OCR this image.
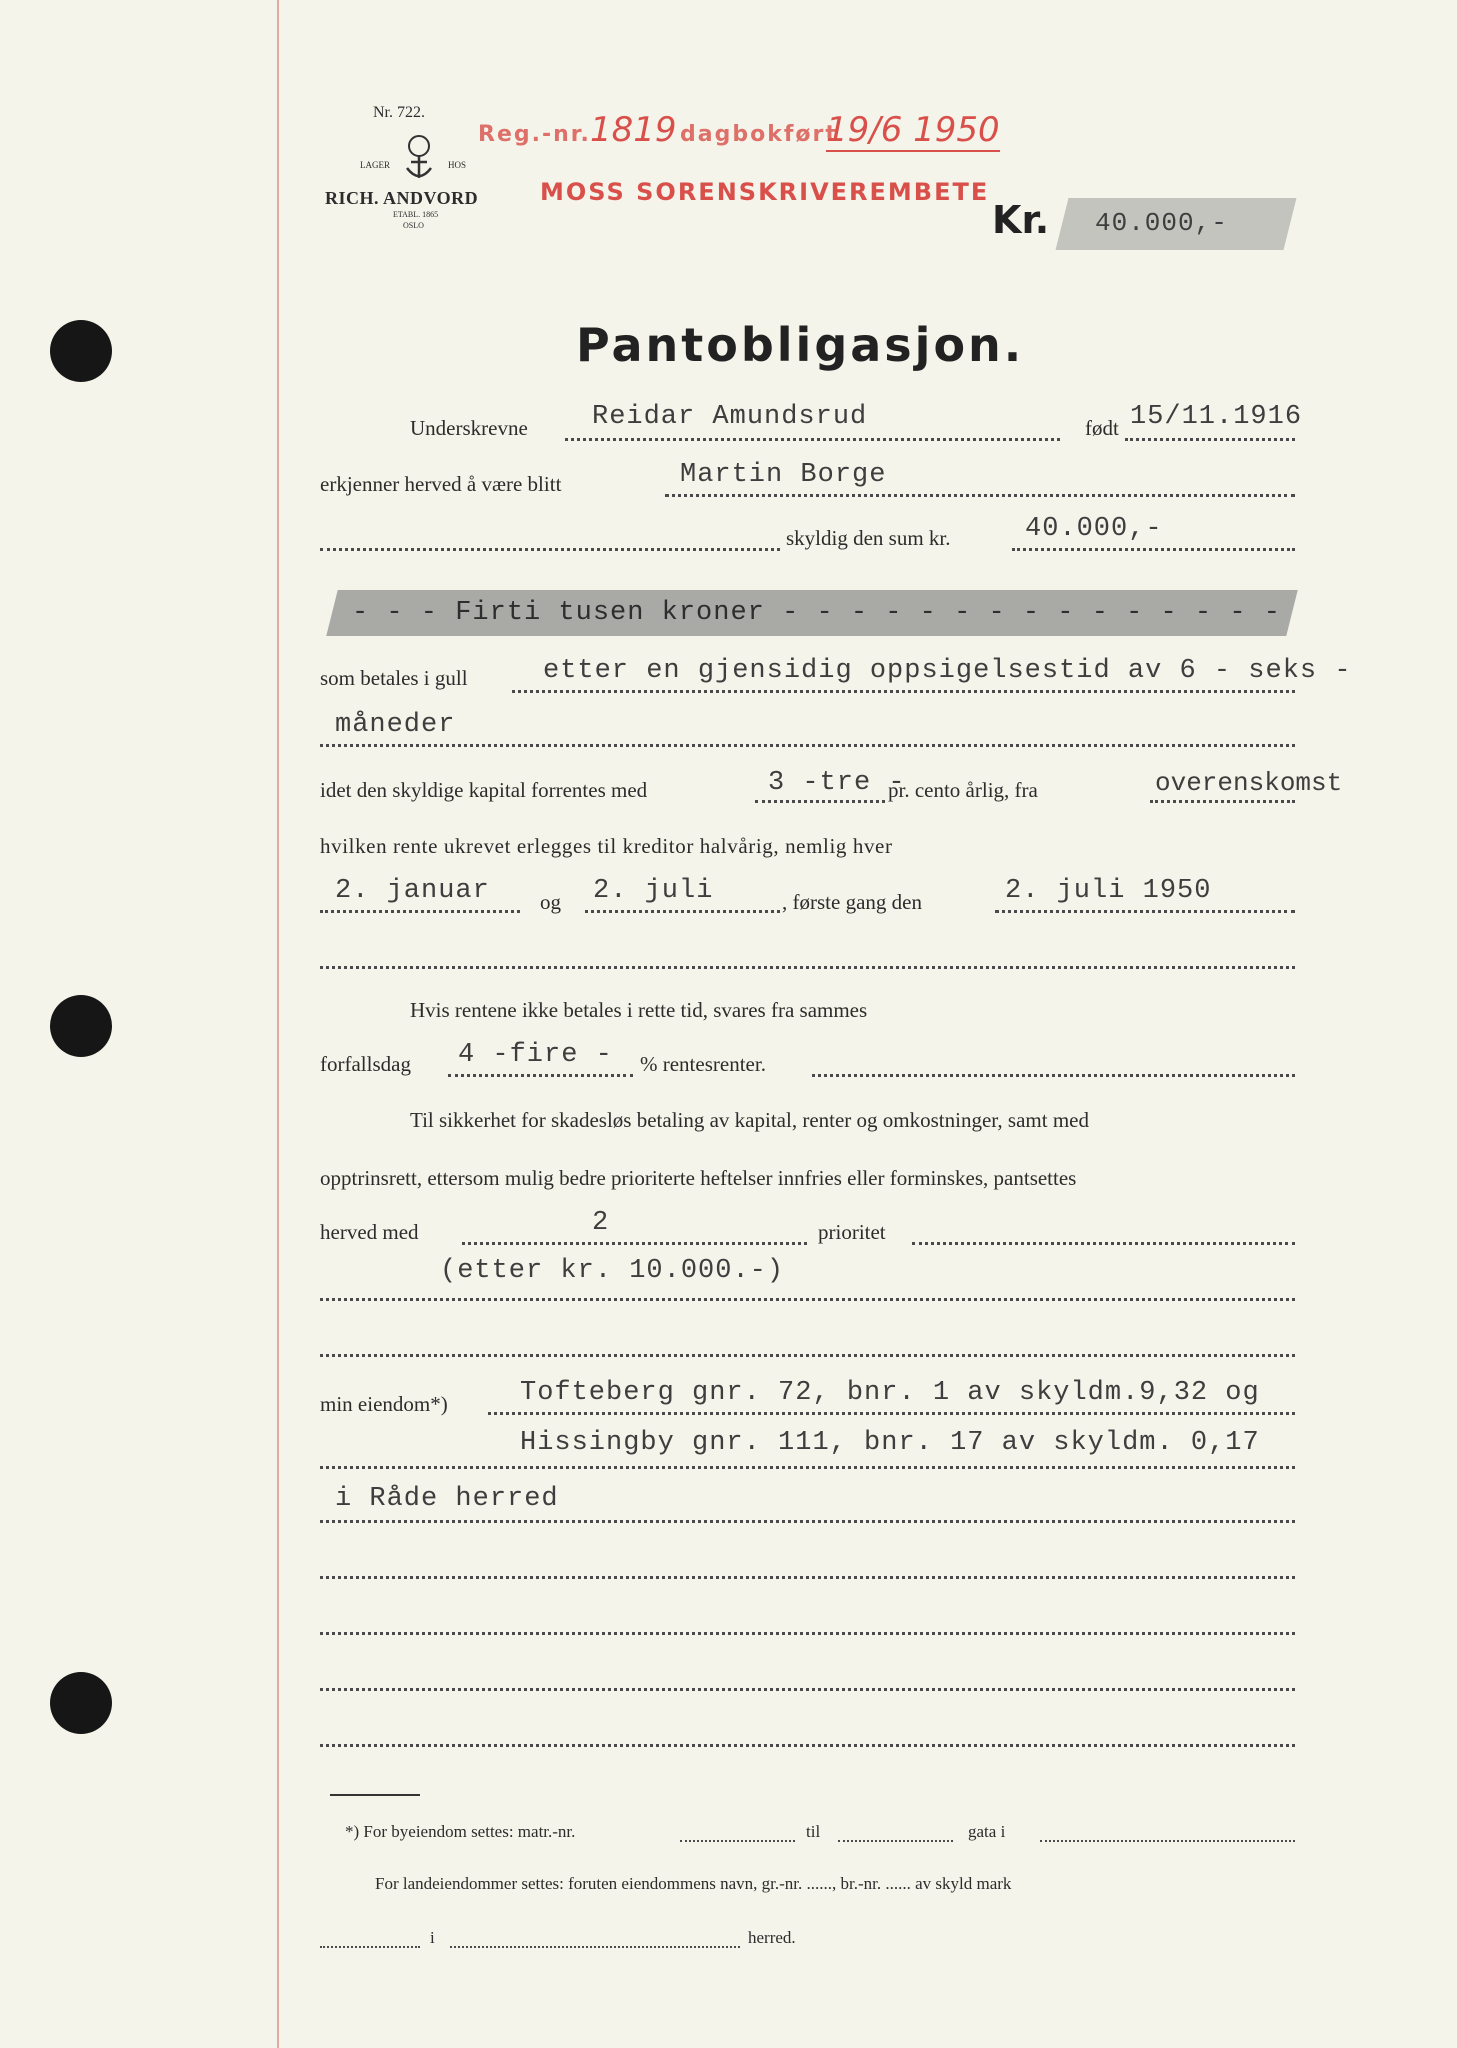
Nr. 722.
LAGER	HOS
RICH. ANDVORD
ETABL. 1865
OSLO
Reg.-nr. 1819 dagbokført
19/6 1950
MOSS SORENSKRIVEREMBETE
Kr. 40.000,-
Pantobligasjon.
Underskrevne Reidar Amundsrud	født 15/11.1916
erkjenner herved å være blitt	Martin Borge
skyldig den sum kr.	40.000,-
- - - Firti tusen kroner - - - - - - - - - - - - - - -
som betales i gull	etter en gjensidig oppsigelsestid av 6 - seks -
måneder
idet den skyldige kapital forrentes med	3 -tre -
pr. cento årlig, fra	overenskomst
hvilken rente ukrevet erlegges til kreditor halvårig, nemlig hver
2. januar og 2. juli	, første gang den	2. juli 1950
Hvis rentene ikke betales i rette tid, svares fra sammes
forfallsdag 4 -fire - % rentesrenter.
Til sikkerhet for skadesløs betaling av kapital, renter og omkostninger, samt med
opptrinsrett, ettersom mulig bedre prioriterte heftelser innfries eller forminskes, pantsettes
herved med	2	prioritet
(etter kr. 10.000.-)
min eiendom*)	Tofteberg gnr. 72, bnr. 1 av skyldm.9,32 og
Hissingby gnr. 111, bnr. 17 av skyldm. 0,17
i Råde herred
*) For byeiendom settes: matr.-nr.	til	gata i
For landeiendommer settes: foruten eiendommens navn, gr.-nr. ......, br.-nr. ...... av skyld mark
i	herred.
